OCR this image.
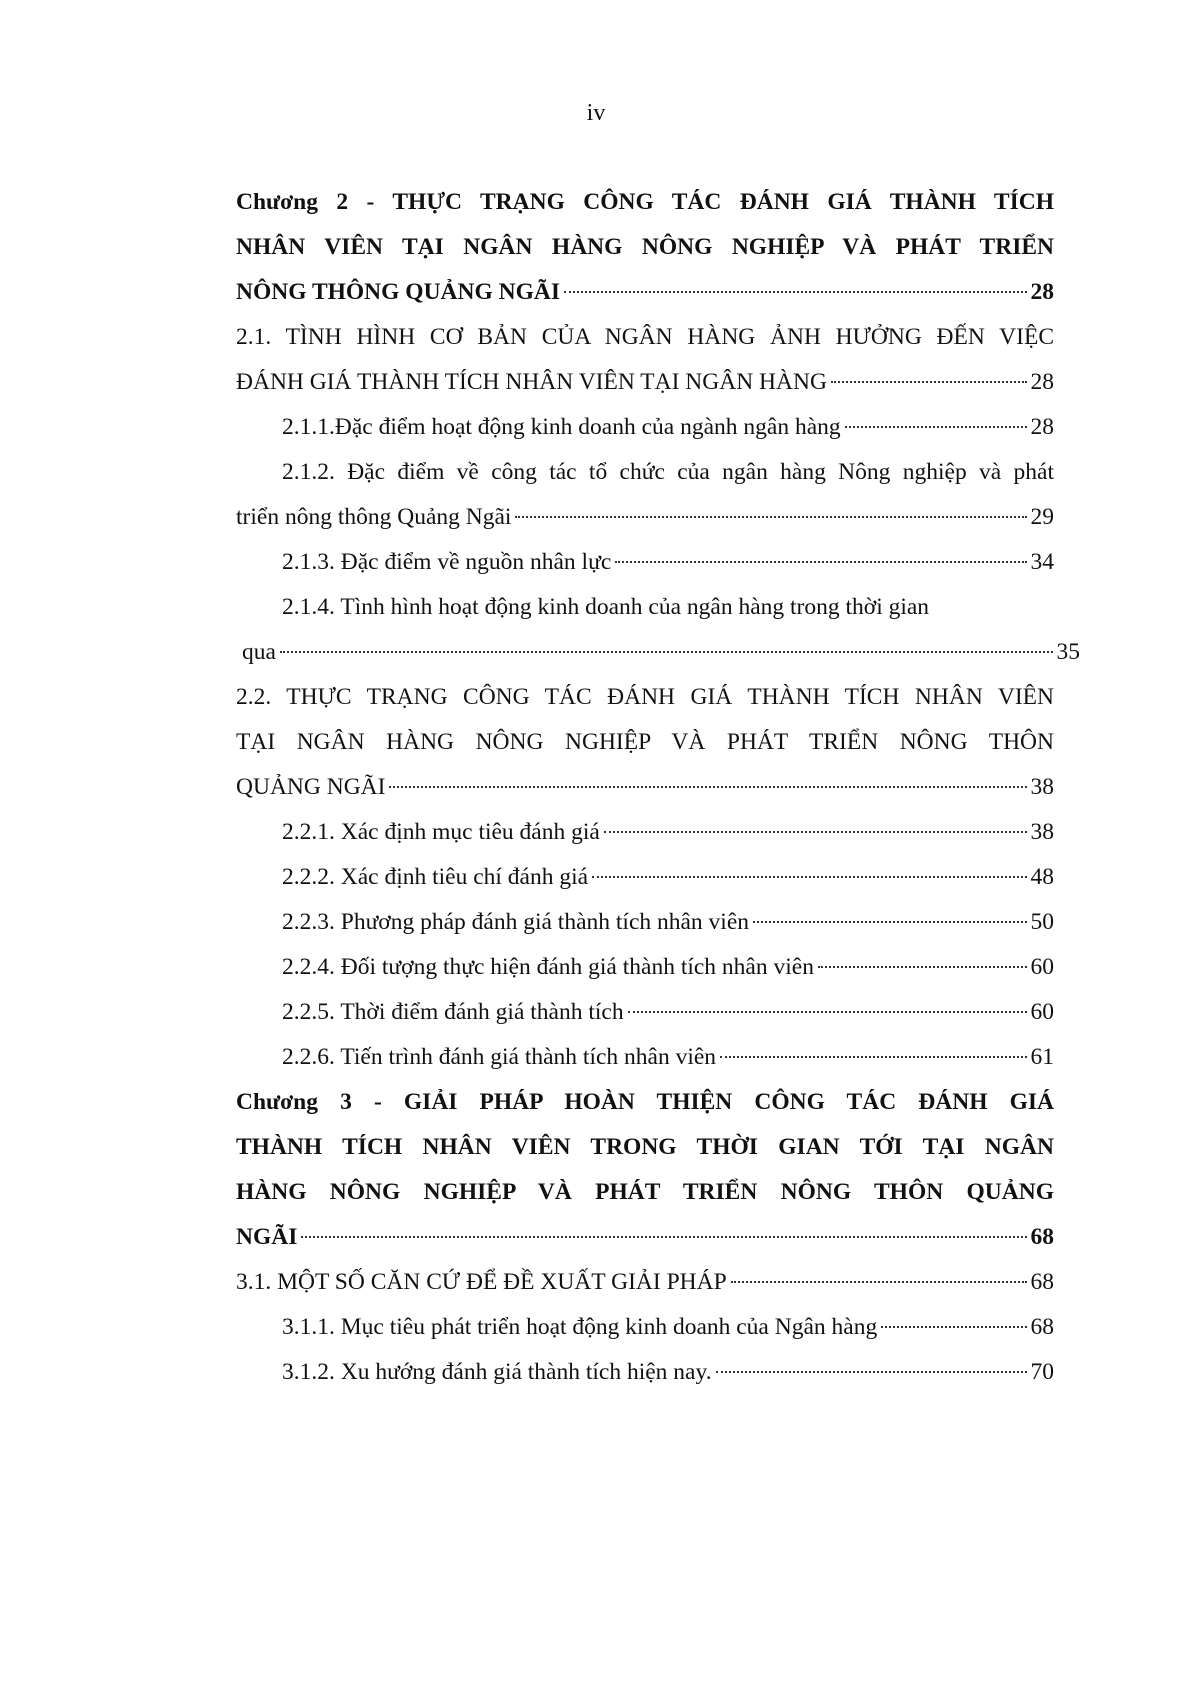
iv
Chương 2 - THỰC TRẠNG CÔNG TÁC ĐÁNH GIÁ THÀNH TÍCH
NHÂN VIÊN TẠI NGÂN HÀNG NÔNG NGHIỆP VÀ PHÁT TRIỂN
NÔNG THÔNG QUẢNG NGÃI	28
2.1. TÌNH HÌNH CƠ BẢN CỦA NGÂN HÀNG ẢNH HƯỞNG ĐẾN VIỆC
ĐÁNH GIÁ THÀNH TÍCH NHÂN VIÊN TẠI NGÂN HÀNG	28
2.1.1.Đặc điểm hoạt động kinh doanh của ngành ngân hàng	28
2.1.2. Đặc điểm về công tác tổ chức của ngân hàng Nông nghiệp và phát
triển nông thông Quảng Ngãi	29
2.1.3. Đặc điểm về nguồn nhân lực	34
2.1.4. Tình hình hoạt động kinh doanh của ngân hàng trong thời gian
qua	35
2.2. THỰC TRẠNG CÔNG TÁC ĐÁNH GIÁ THÀNH TÍCH NHÂN VIÊN
TẠI NGÂN HÀNG NÔNG NGHIỆP VÀ PHÁT TRIỂN NÔNG THÔN
QUẢNG NGÃI	38
2.2.1. Xác định mục tiêu đánh giá	38
2.2.2. Xác định tiêu chí đánh giá	48
2.2.3. Phương pháp đánh giá thành tích nhân viên	50
2.2.4. Đối tượng thực hiện đánh giá thành tích nhân viên	60
2.2.5. Thời điểm đánh giá thành tích	60
2.2.6. Tiến trình đánh giá thành tích nhân viên	61
Chương 3 - GIẢI PHÁP HOÀN THIỆN CÔNG TÁC ĐÁNH GIÁ
THÀNH TÍCH NHÂN VIÊN TRONG THỜI GIAN TỚI TẠI NGÂN
HÀNG NÔNG NGHIỆP VÀ PHÁT TRIỂN NÔNG THÔN QUẢNG
NGÃI	68
3.1. MỘT SỐ CĂN CỨ ĐỂ ĐỀ XUẤT GIẢI PHÁP	68
3.1.1. Mục tiêu phát triển hoạt động kinh doanh của Ngân hàng	68
3.1.2. Xu hướng đánh giá thành tích hiện nay.	70
